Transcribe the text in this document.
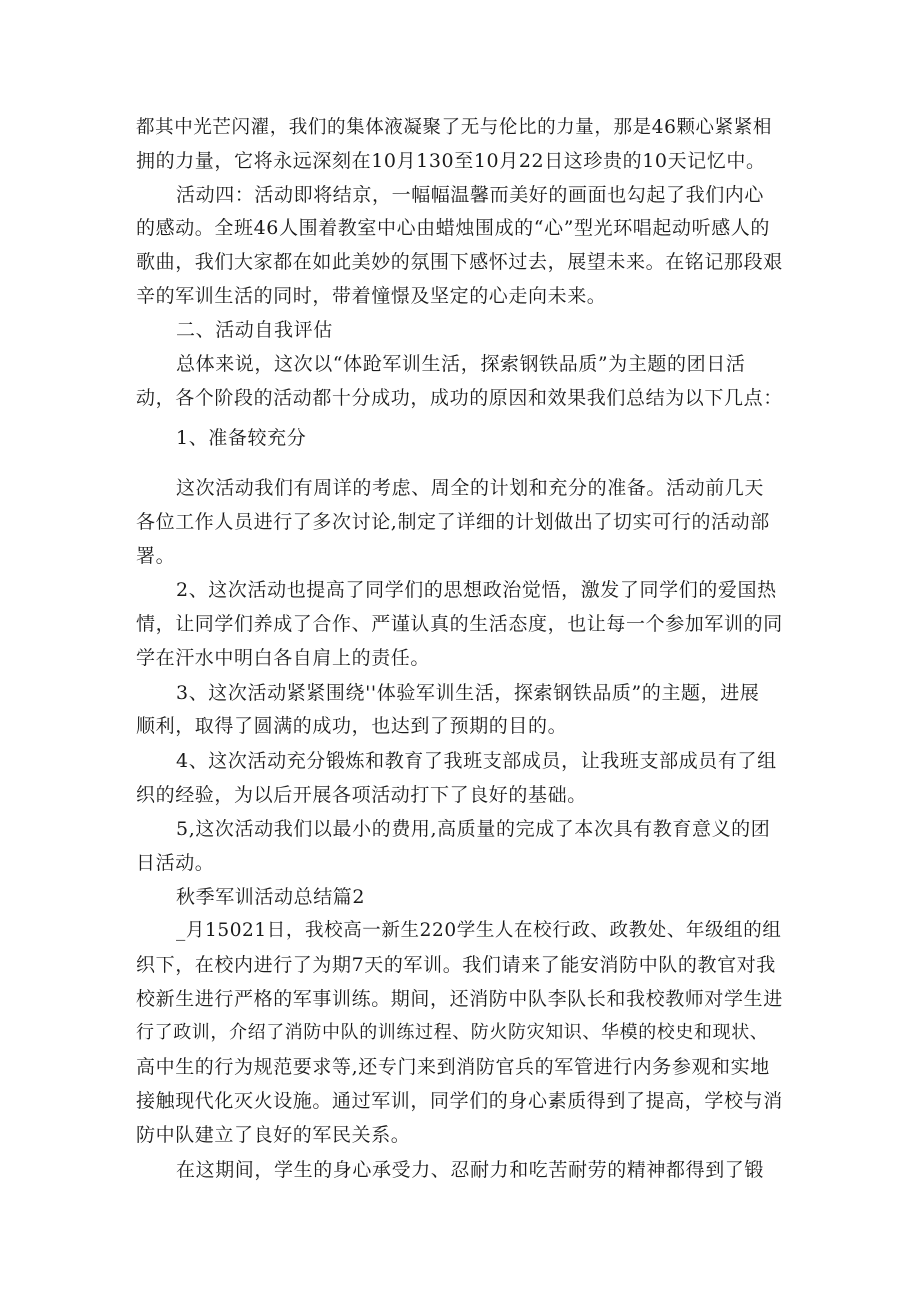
都其中光芒闪濯，我们的集体液凝聚了无与伦比的力量，那是46颗心紧紧相
拥的力量，它将永远深刻在10月130至10月22日这珍贵的10天记忆中。
活动四：活动即将结京，一幅幅温馨而美好的画面也勾起了我们内心
的感动。全班46人围着教室中心由蜡烛围成的“心”型光环唱起动听感人的
歌曲，我们大家都在如此美妙的氛围下感怀过去，展望未来。在铭记那段艰
辛的军训生活的同时，带着憧憬及坚定的心走向未来。
二、活动自我评估
总体来说，这次以“体跄军训生活，探索钢铁品质”为主题的团日活
动，各个阶段的活动都十分成功，成功的原因和效果我们总结为以下几点：
1、准备较充分
这次活动我们有周详的考虑、周全的计划和充分的准备。活动前几天
各位工作人员进行了多次讨论,制定了详细的计划做出了切实可行的活动部
署。
2、这次活动也提高了同学们的思想政治觉悟，激发了同学们的爱国热
情，让同学们养成了合作、严谨认真的生活态度，也让每一个参加军训的同
学在汗水中明白各自肩上的责任。
3、这次活动紧紧围绕''体验军训生活，探索钢铁品质”的主题，进展
顺利，取得了圆满的成功，也达到了预期的目的。
4、这次活动充分锻炼和教育了我班支部成员，让我班支部成员有了组
织的经验，为以后开展各项活动打下了良好的基础。
5,这次活动我们以最小的费用,高质量的完成了本次具有教育意义的团
日活动。
秋季军训活动总结篇2
_月15021日，我校高一新生220学生人在校行政、政教处、年级组的组
织下，在校内进行了为期7天的军训。我们请来了能安消防中队的教官对我
校新生进行严格的军事训练。期间，还消防中队李队长和我校教师对学生进
行了政训，介绍了消防中队的训练过程、防火防灾知识、华模的校史和现状、
高中生的行为规范要求等,还专门来到消防官兵的军管进行内务参观和实地
接触现代化灭火设施。通过军训，同学们的身心素质得到了提高，学校与消
防中队建立了良好的军民关系。
在这期间，学生的身心承受力、忍耐力和吃苦耐劳的精神都得到了锻
